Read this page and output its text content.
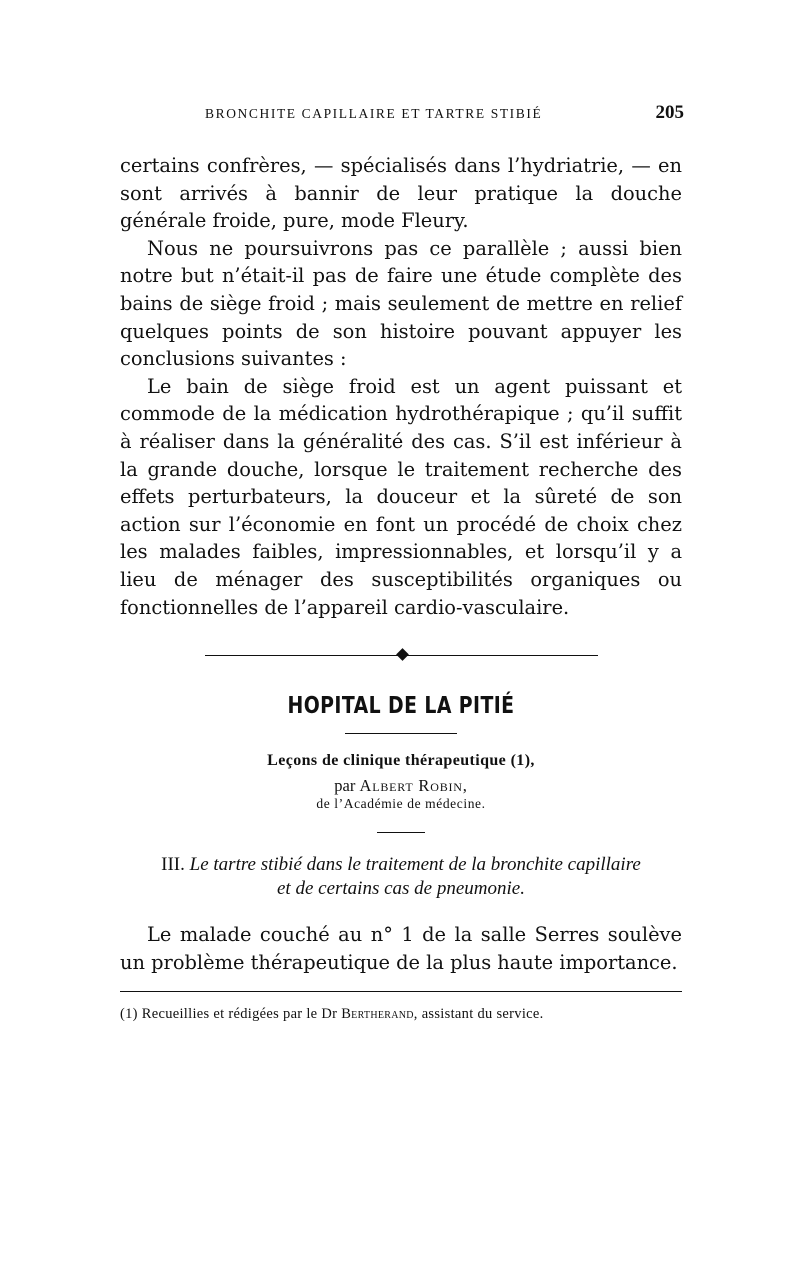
BRONCHITE CAPILLAIRE ET TARTRE STIBIÉ	205

certains confrères, — spécialisés dans l’hydriatrie, — en sont arrivés à bannir de leur pratique la douche générale froide, pure, mode Fleury.

Nous ne poursuivrons pas ce parallèle ; aussi bien notre but n’était-il pas de faire une étude complète des bains de siège froid ; mais seulement de mettre en relief quelques points de son histoire pouvant appuyer les conclusions suivantes :

Le bain de siège froid est un agent puissant et commode de la médication hydrothérapique ; qu’il suffit à réaliser dans la généralité des cas. S’il est inférieur à la grande douche, lorsque le traitement recherche des effets perturbateurs, la douceur et la sûreté de son action sur l’économie en font un procédé de choix chez les malades faibles, impressionnables, et lorsqu’il y a lieu de ménager des susceptibilités organiques ou fonctionnelles de l’appareil cardio-vasculaire.

HOPITAL DE LA PITIÉ
Leçons de clinique thérapeutique (1),
par Albert Robin,
de l’Académie de médecine.
III. Le tartre stibié dans le traitement de la bronchite capillaire
et de certains cas de pneumonie.

Le malade couché au n° 1 de la salle Serres soulève un problème thérapeutique de la plus haute importance.

(1) Recueillies et rédigées par le Dr Bertherand, assistant du service.
